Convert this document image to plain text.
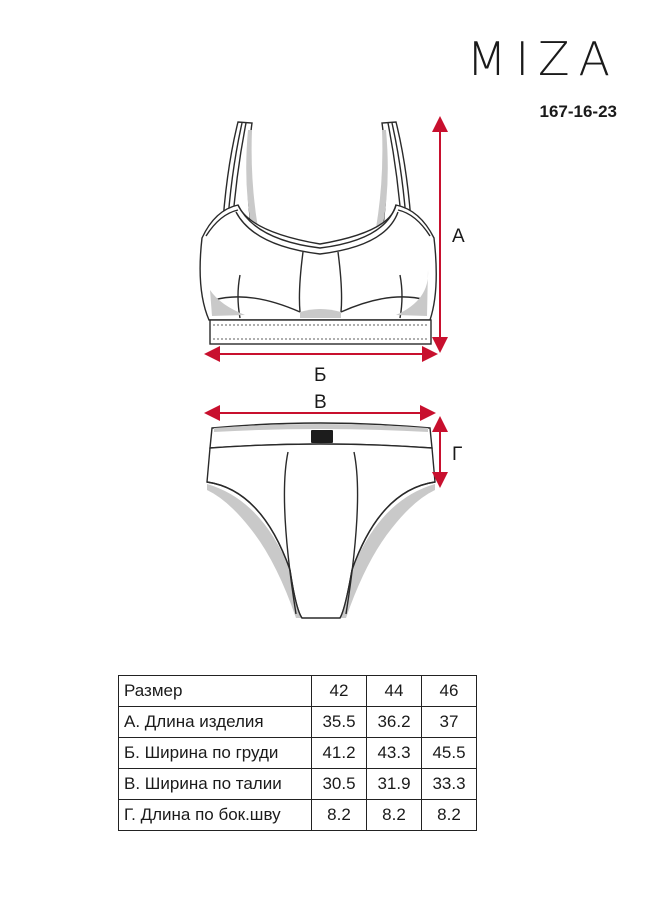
MIZA
167-16-23
А
Б
В
Г
Размер	42	44	46
А. Длина изделия	35.5	36.2	37
Б. Ширина по груди	41.2	43.3	45.5
В. Ширина по талии	30.5	31.9	33.3
Г. Длина по бок.шву	8.2	8.2	8.2
